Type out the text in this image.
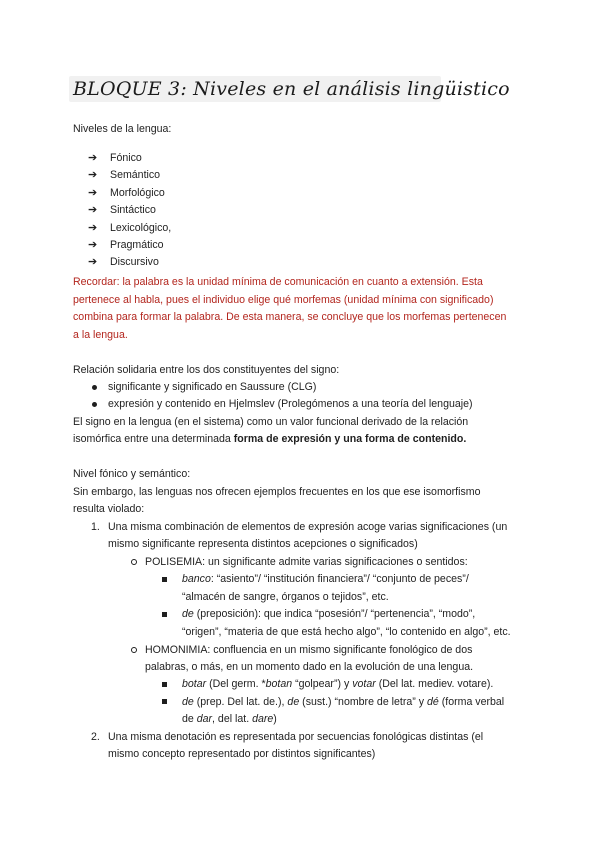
BLOQUE 3: Niveles en el análisis lingüistico
Niveles de la lengua:
➔ Fónico
➔ Semántico
➔ Morfológico
➔ Sintáctico
➔ Lexicológico,
➔ Pragmático
➔ Discursivo
Recordar: la palabra es la unidad mínima de comunicación en cuanto a extensión. Esta
pertenece al habla, pues el individuo elige qué morfemas (unidad mínima con significado)
combina para formar la palabra. De esta manera, se concluye que los morfemas pertenecen
a la lengua.
Relación solidaria entre los dos constituyentes del signo:
significante y significado en Saussure (CLG)
expresión y contenido en Hjelmslev (Prolegómenos a una teoría del lenguaje)
El signo en la lengua (en el sistema) como un valor funcional derivado de la relación
isomórfica entre una determinada forma de expresión y una forma de contenido.
Nivel fónico y semántico:
Sin embargo, las lenguas nos ofrecen ejemplos frecuentes en los que ese isomorfismo
resulta violado:
1. Una misma combinación de elementos de expresión acoge varias significaciones (un
mismo significante representa distintos acepciones o significados)
POLISEMIA: un significante admite varias significaciones o sentidos:
banco: “asiento”/ “institución financiera”/ “conjunto de peces”/
“almacén de sangre, órganos o tejidos”, etc.
de (preposición): que indica “posesión”/ “pertenencia”, “modo”,
“origen”, “materia de que está hecho algo”, “lo contenido en algo”, etc.
HOMONIMIA: confluencia en un mismo significante fonológico de dos
palabras, o más, en un momento dado en la evolución de una lengua.
botar (Del germ. *botan “golpear”) y votar (Del lat. mediev. votare).
de (prep. Del lat. de.), de (sust.) “nombre de letra” y dé (forma verbal
de dar, del lat. dare)
2. Una misma denotación es representada por secuencias fonológicas distintas (el
mismo concepto representado por distintos significantes)
